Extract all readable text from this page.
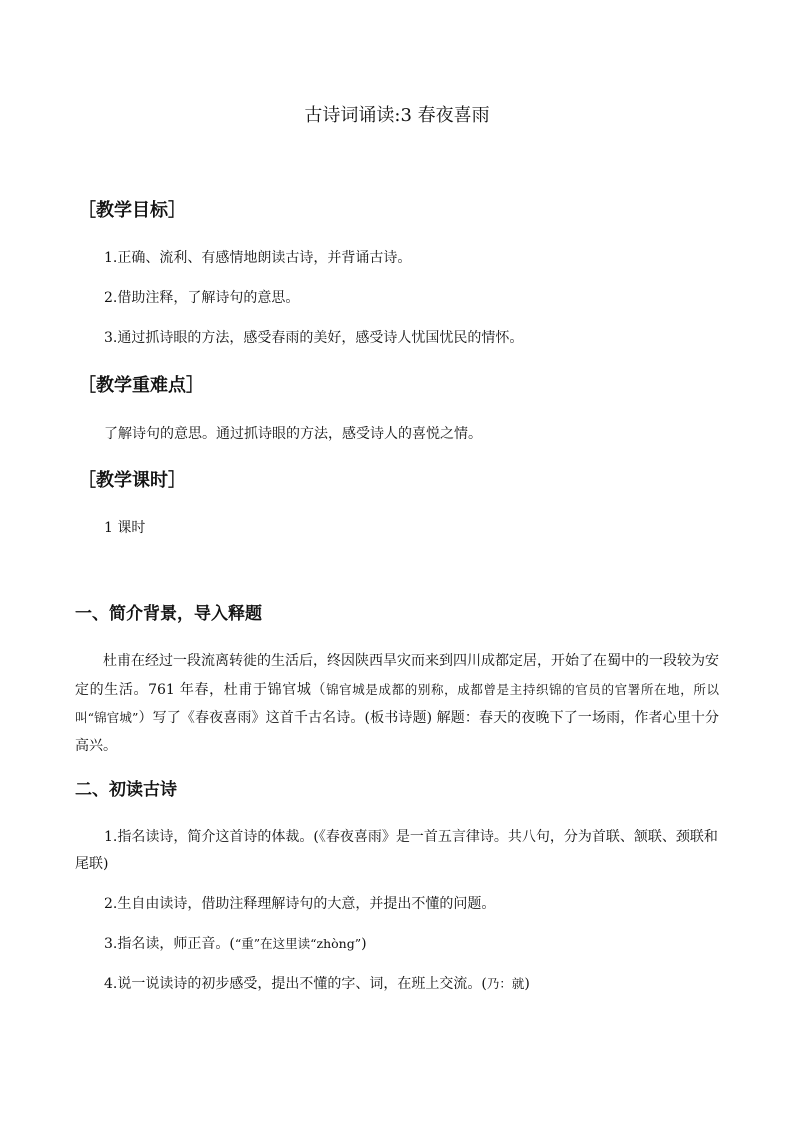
古诗词诵读:3 春夜喜雨
［教学目标］
1.正确、流利、有感情地朗读古诗，并背诵古诗。
2.借助注释，了解诗句的意思。
3.通过抓诗眼的方法，感受春雨的美好，感受诗人忧国忧民的情怀。
［教学重难点］
了解诗句的意思。通过抓诗眼的方法，感受诗人的喜悦之情。
［教学课时］
1 课时
一、简介背景，导入释题
杜甫在经过一段流离转徙的生活后，终因陕西旱灾而来到四川成都定居，开始了在蜀中的一段较为安定的生活。761 年春，杜甫于锦官城（锦官城是成都的别称，成都曾是主持织锦的官员的官署所在地，所以叫“锦官城”）写了《春夜喜雨》这首千古名诗。(板书诗题) 解题：春天的夜晚下了一场雨，作者心里十分高兴。
二、初读古诗
1.指名读诗，简介这首诗的体裁。(《春夜喜雨》是一首五言律诗。共八句，分为首联、颔联、颈联和尾联)
2.生自由读诗，借助注释理解诗句的大意，并提出不懂的问题。
3.指名读，师正音。(“重”在这里读“zhòng”)
4.说一说读诗的初步感受，提出不懂的字、词，在班上交流。(乃：就)
